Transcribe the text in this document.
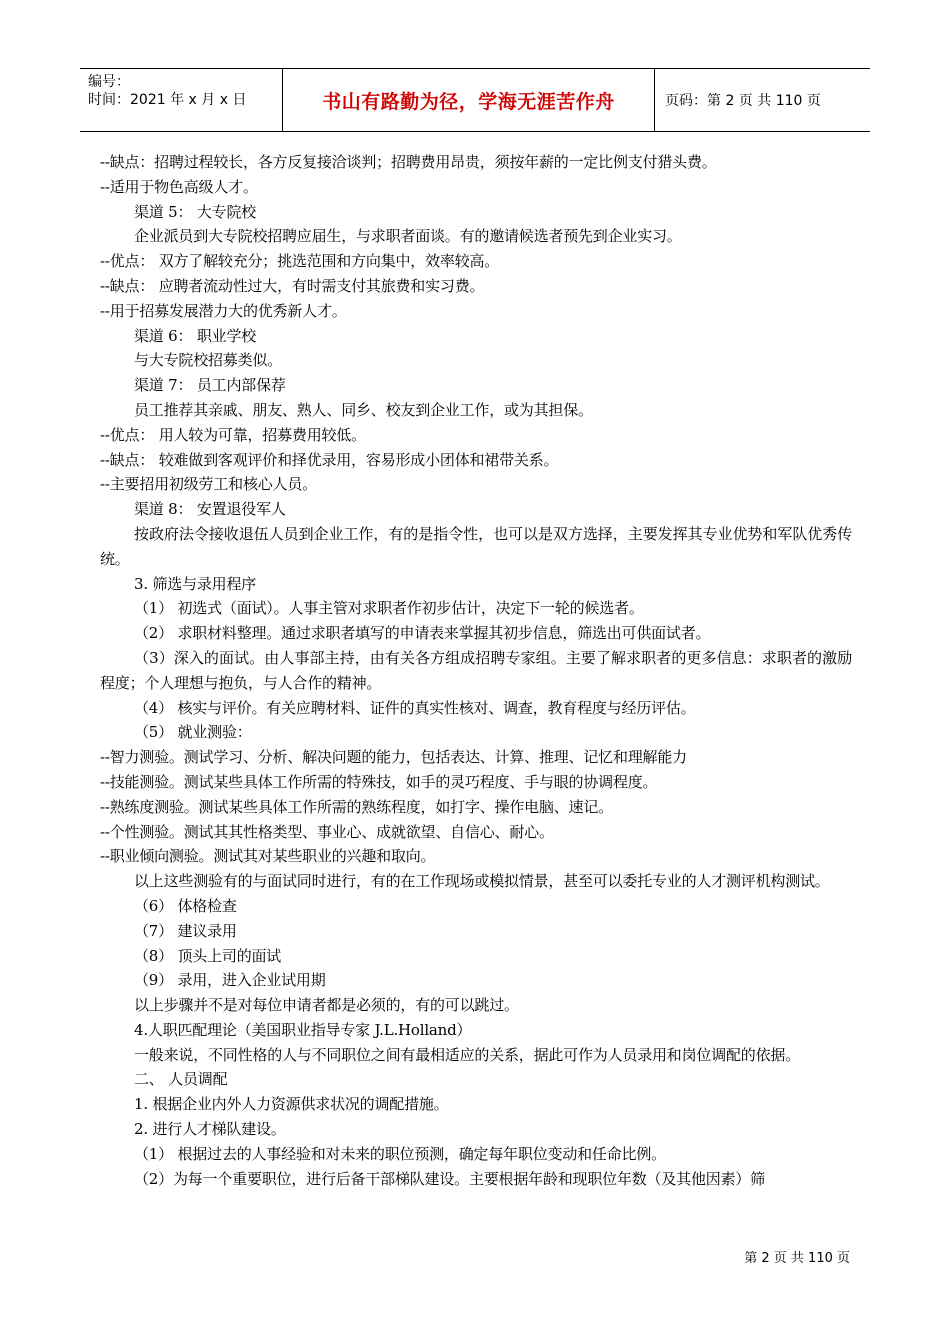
编号：
时间：2021 年 x 月 x 日	书山有路勤为径，学海无涯苦作舟	页码：第 2 页 共 110 页

--缺点：招聘过程较长，各方反复接洽谈判；招聘费用昂贵，须按年薪的一定比例支付猎头费。

--适用于物色高级人才。

渠道 5： 大专院校

企业派员到大专院校招聘应届生，与求职者面谈。有的邀请候选者预先到企业实习。

--优点： 双方了解较充分；挑选范围和方向集中，效率较高。

--缺点： 应聘者流动性过大，有时需支付其旅费和实习费。

--用于招募发展潜力大的优秀新人才。

渠道 6： 职业学校

与大专院校招募类似。

渠道 7： 员工内部保荐

员工推荐其亲戚、朋友、熟人、同乡、校友到企业工作，或为其担保。

--优点： 用人较为可靠，招募费用较低。

--缺点： 较难做到客观评价和择优录用，容易形成小团体和裙带关系。

--主要招用初级劳工和核心人员。

渠道 8： 安置退役军人

按政府法令接收退伍人员到企业工作，有的是指令性，也可以是双方选择，主要发挥其专业优势和军队优秀传统。

3. 筛选与录用程序

（1） 初选式（面试）。人事主管对求职者作初步估计，决定下一轮的候选者。

（2） 求职材料整理。通过求职者填写的申请表来掌握其初步信息，筛选出可供面试者。

（3）深入的面试。由人事部主持，由有关各方组成招聘专家组。主要了解求职者的更多信息：求职者的激励程度；个人理想与抱负，与人合作的精神。

（4） 核实与评价。有关应聘材料、证件的真实性核对、调查，教育程度与经历评估。

（5） 就业测验：

--智力测验。测试学习、分析、解决问题的能力，包括表达、计算、推理、记忆和理解能力

--技能测验。测试某些具体工作所需的特殊技，如手的灵巧程度、手与眼的协调程度。

--熟练度测验。测试某些具体工作所需的熟练程度，如打字、操作电脑、速记。

--个性测验。测试其其性格类型、事业心、成就欲望、自信心、耐心。

--职业倾向测验。测试其对某些职业的兴趣和取向。

以上这些测验有的与面试同时进行，有的在工作现场或模拟情景，甚至可以委托专业的人才测评机构测试。

（6） 体格检查

（7） 建议录用

（8） 顶头上司的面试

（9） 录用，进入企业试用期

以上步骤并不是对每位申请者都是必须的，有的可以跳过。

4.人职匹配理论（美国职业指导专家 J.L.Holland）

一般来说，不同性格的人与不同职位之间有最相适应的关系，据此可作为人员录用和岗位调配的依据。

二、 人员调配

1. 根据企业内外人力资源供求状况的调配措施。

2. 进行人才梯队建设。

（1） 根据过去的人事经验和对未来的职位预测，确定每年职位变动和任命比例。

（2）为每一个重要职位，进行后备干部梯队建设。主要根据年龄和现职位年数（及其他因素）筛

第 2 页 共 110 页
